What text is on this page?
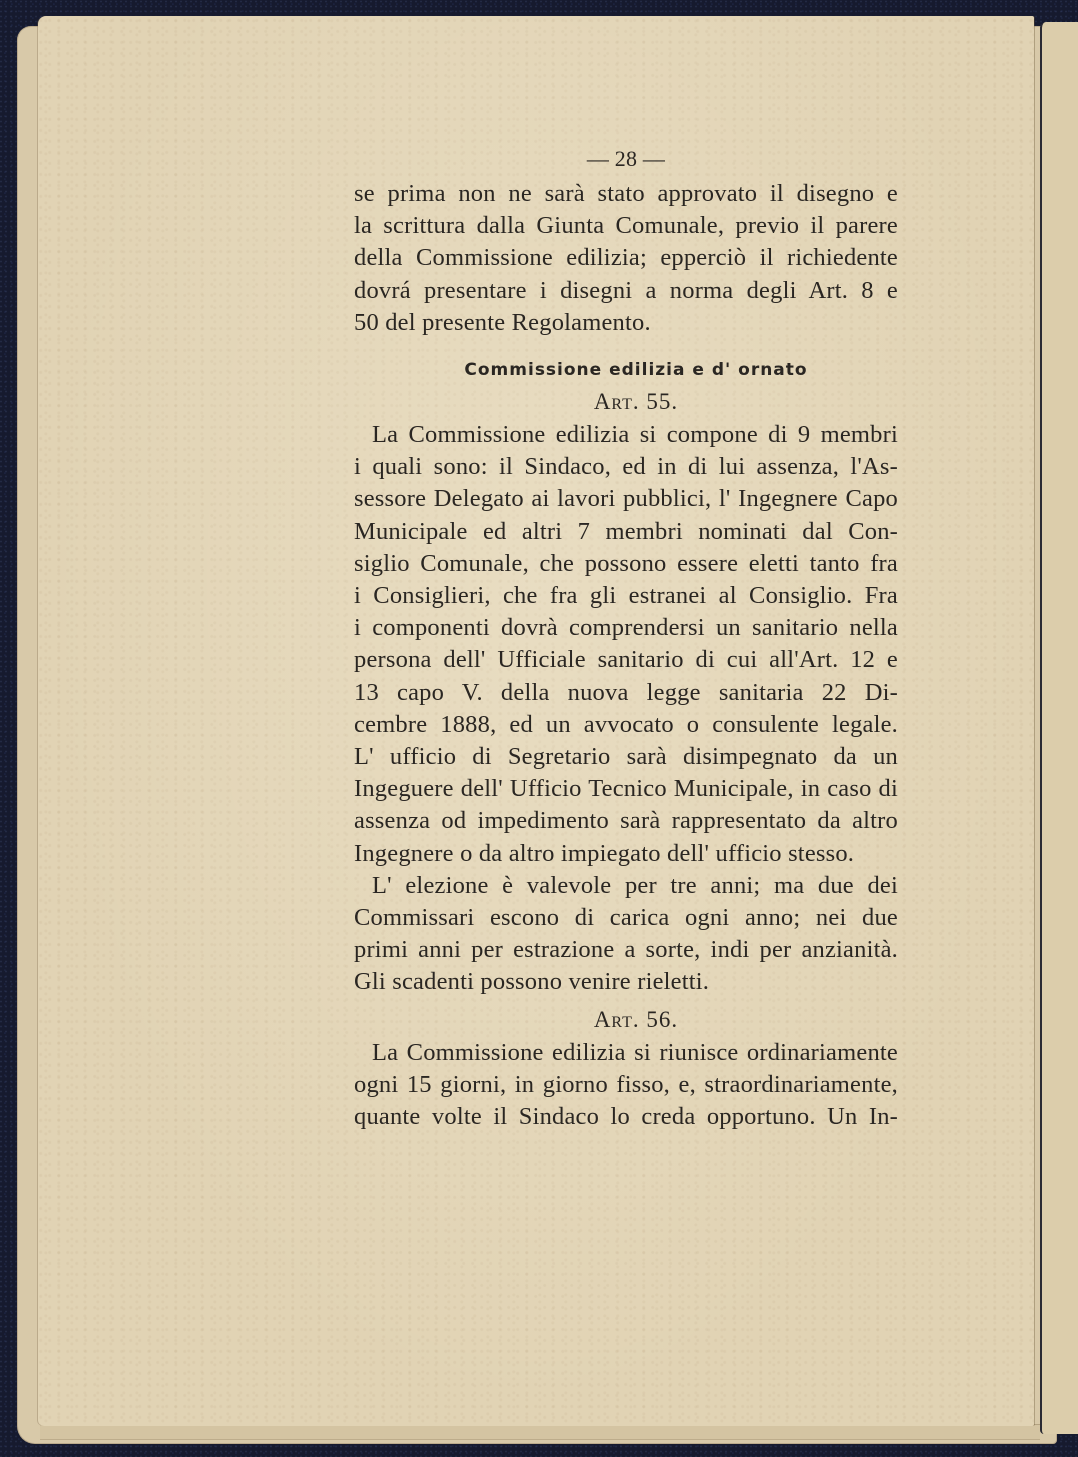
— 28 —
se prima non ne sarà stato approvato il disegno e
la scrittura dalla Giunta Comunale, previo il parere
della Commissione edilizia; epperciò il richiedente
dovrá presentare i disegni a norma degli Art. 8 e
50 del presente Regolamento.
Commissione edilizia e d' ornato
Art. 55.
La Commissione edilizia si compone di 9 membri
i quali sono: il Sindaco, ed in di lui assenza, l'As-
sessore Delegato ai lavori pubblici, l' Ingegnere Capo
Municipale ed altri 7 membri nominati dal Con-
siglio Comunale, che possono essere eletti tanto fra
i Consiglieri, che fra gli estranei al Consiglio. Fra
i componenti dovrà comprendersi un sanitario nella
persona dell' Ufficiale sanitario di cui all'Art. 12 e
13 capo V. della nuova legge sanitaria 22 Di-
cembre 1888, ed un avvocato o consulente legale.
L' ufficio di Segretario sarà disimpegnato da un
Ingeguere dell' Ufficio Tecnico Municipale, in caso di
assenza od impedimento sarà rappresentato da altro
Ingegnere o da altro impiegato dell' ufficio stesso.
L' elezione è valevole per tre anni; ma due dei
Commissari escono di carica ogni anno; nei due
primi anni per estrazione a sorte, indi per anzianità.
Gli scadenti possono venire rieletti.
Art. 56.
La Commissione edilizia si riunisce ordinariamente
ogni 15 giorni, in giorno fisso, e, straordinariamente,
quante volte il Sindaco lo creda opportuno. Un In-
